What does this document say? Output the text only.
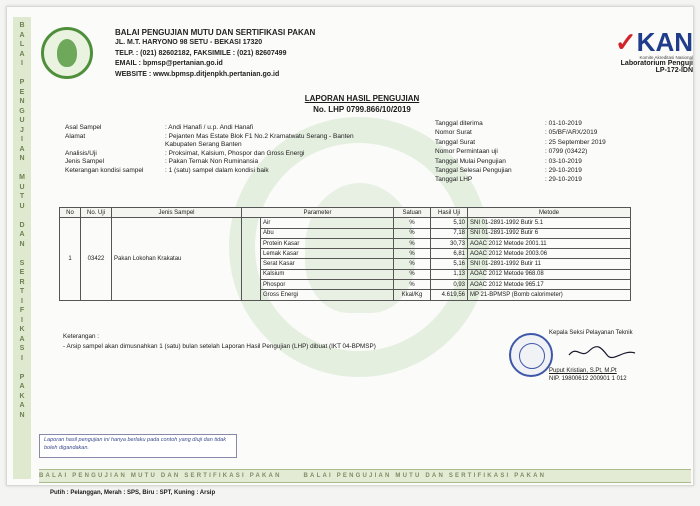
B
A
L
A
I

P
E
N
G
U
J
I
A
N

M
U
T
U

D
A
N

S
E
R
T
I
F
I
K
A
S
I

P
A
K
A
N
BALAI PENGUJIAN MUTU DAN SERTIFIKASI PAKAN
JL. M.T. HARYONO 98 SETU - BEKASI 17320
TELP. : (021) 82602182, FAKSIMILE : (021) 82607499
EMAIL : bpmsp@pertanian.go.id
WEBSITE : www.bpmsp.ditjenpkh.pertanian.go.id
✓KAN
Komite Akreditasi Nasional
Laboratorium Penguji
LP-172-IDN
LAPORAN HASIL PENGUJIAN
No. LHP 0799.866/10/2019
Asal Sampel	: Andi Hanafi / u.p. Andi Hanafi
Alamat	: Pejanten Mas Estate Blok F1 No.2 Kramatwatu Serang - Banten
Kabupaten Serang Banten
Analisis/Uji	: Proksimat, Kalsium, Phospor dan Gross Energi
Jenis Sampel	: Pakan Ternak Non Ruminansia
Keterangan kondisi sampel	: 1 (satu) sampel dalam kondisi baik
Tanggal diterima	: 01-10-2019
Nomor Surat	: 05/BF/ARX/2019
Tanggal Surat	: 25 September 2019
Nomor Permintaan uji	: 0799 (03422)
Tanggal Mulai Pengujian	: 03-10-2019
Tanggal Selesai Pengujian	: 29-10-2019
Tanggal LHP	: 29-10-2019
No	No. Uji	Jenis Sampel	Parameter		Satuan	Hasil Uji	Metode
1	03422	Pakan Lokohan Krakatau		Air	%	5,10	SNI 01-2891-1992 Butir 5.1
				Abu	%	7,18	SNI 01-2891-1992 Butir 6
				Protein Kasar	%	30,73	AOAC 2012 Metode 2001.11
				Lemak Kasar	%	6,81	AOAC 2012 Metode 2003.06
				Serat Kasar	%	5,16	SNI 01-2891-1992 Butir 11
				Kalsium	%	1,13	AOAC 2012 Metode 968.08
				Phospor	%	0,93	AOAC 2012 Metode 965.17
				Gross Energi	Kkal/Kg	4.619,56	MP 21-BPMSP (Bomb calorimeter)
Keterangan :
- Arsip sampel akan dimusnahkan 1 (satu) bulan setelah Laporan Hasil Pengujian (LHP) dibuat (IKT 04-BPMSP)
Kepala Seksi Pelayanan Teknik
Puput Kristian, S.Pt, M.Pt
NIP. 19800612 200901 1 012
Laporan hasil pengujian ini hanya berlaku pada contoh yang diuji dan tidak boleh digandakan.
BALAI PENGUJIAN MUTU DAN SERTIFIKASI PAKAN	BALAI PENGUJIAN MUTU DAN SERTIFIKASI PAKAN
Putih : Pelanggan, Merah : SPS, Biru : SPT, Kuning : Arsip
